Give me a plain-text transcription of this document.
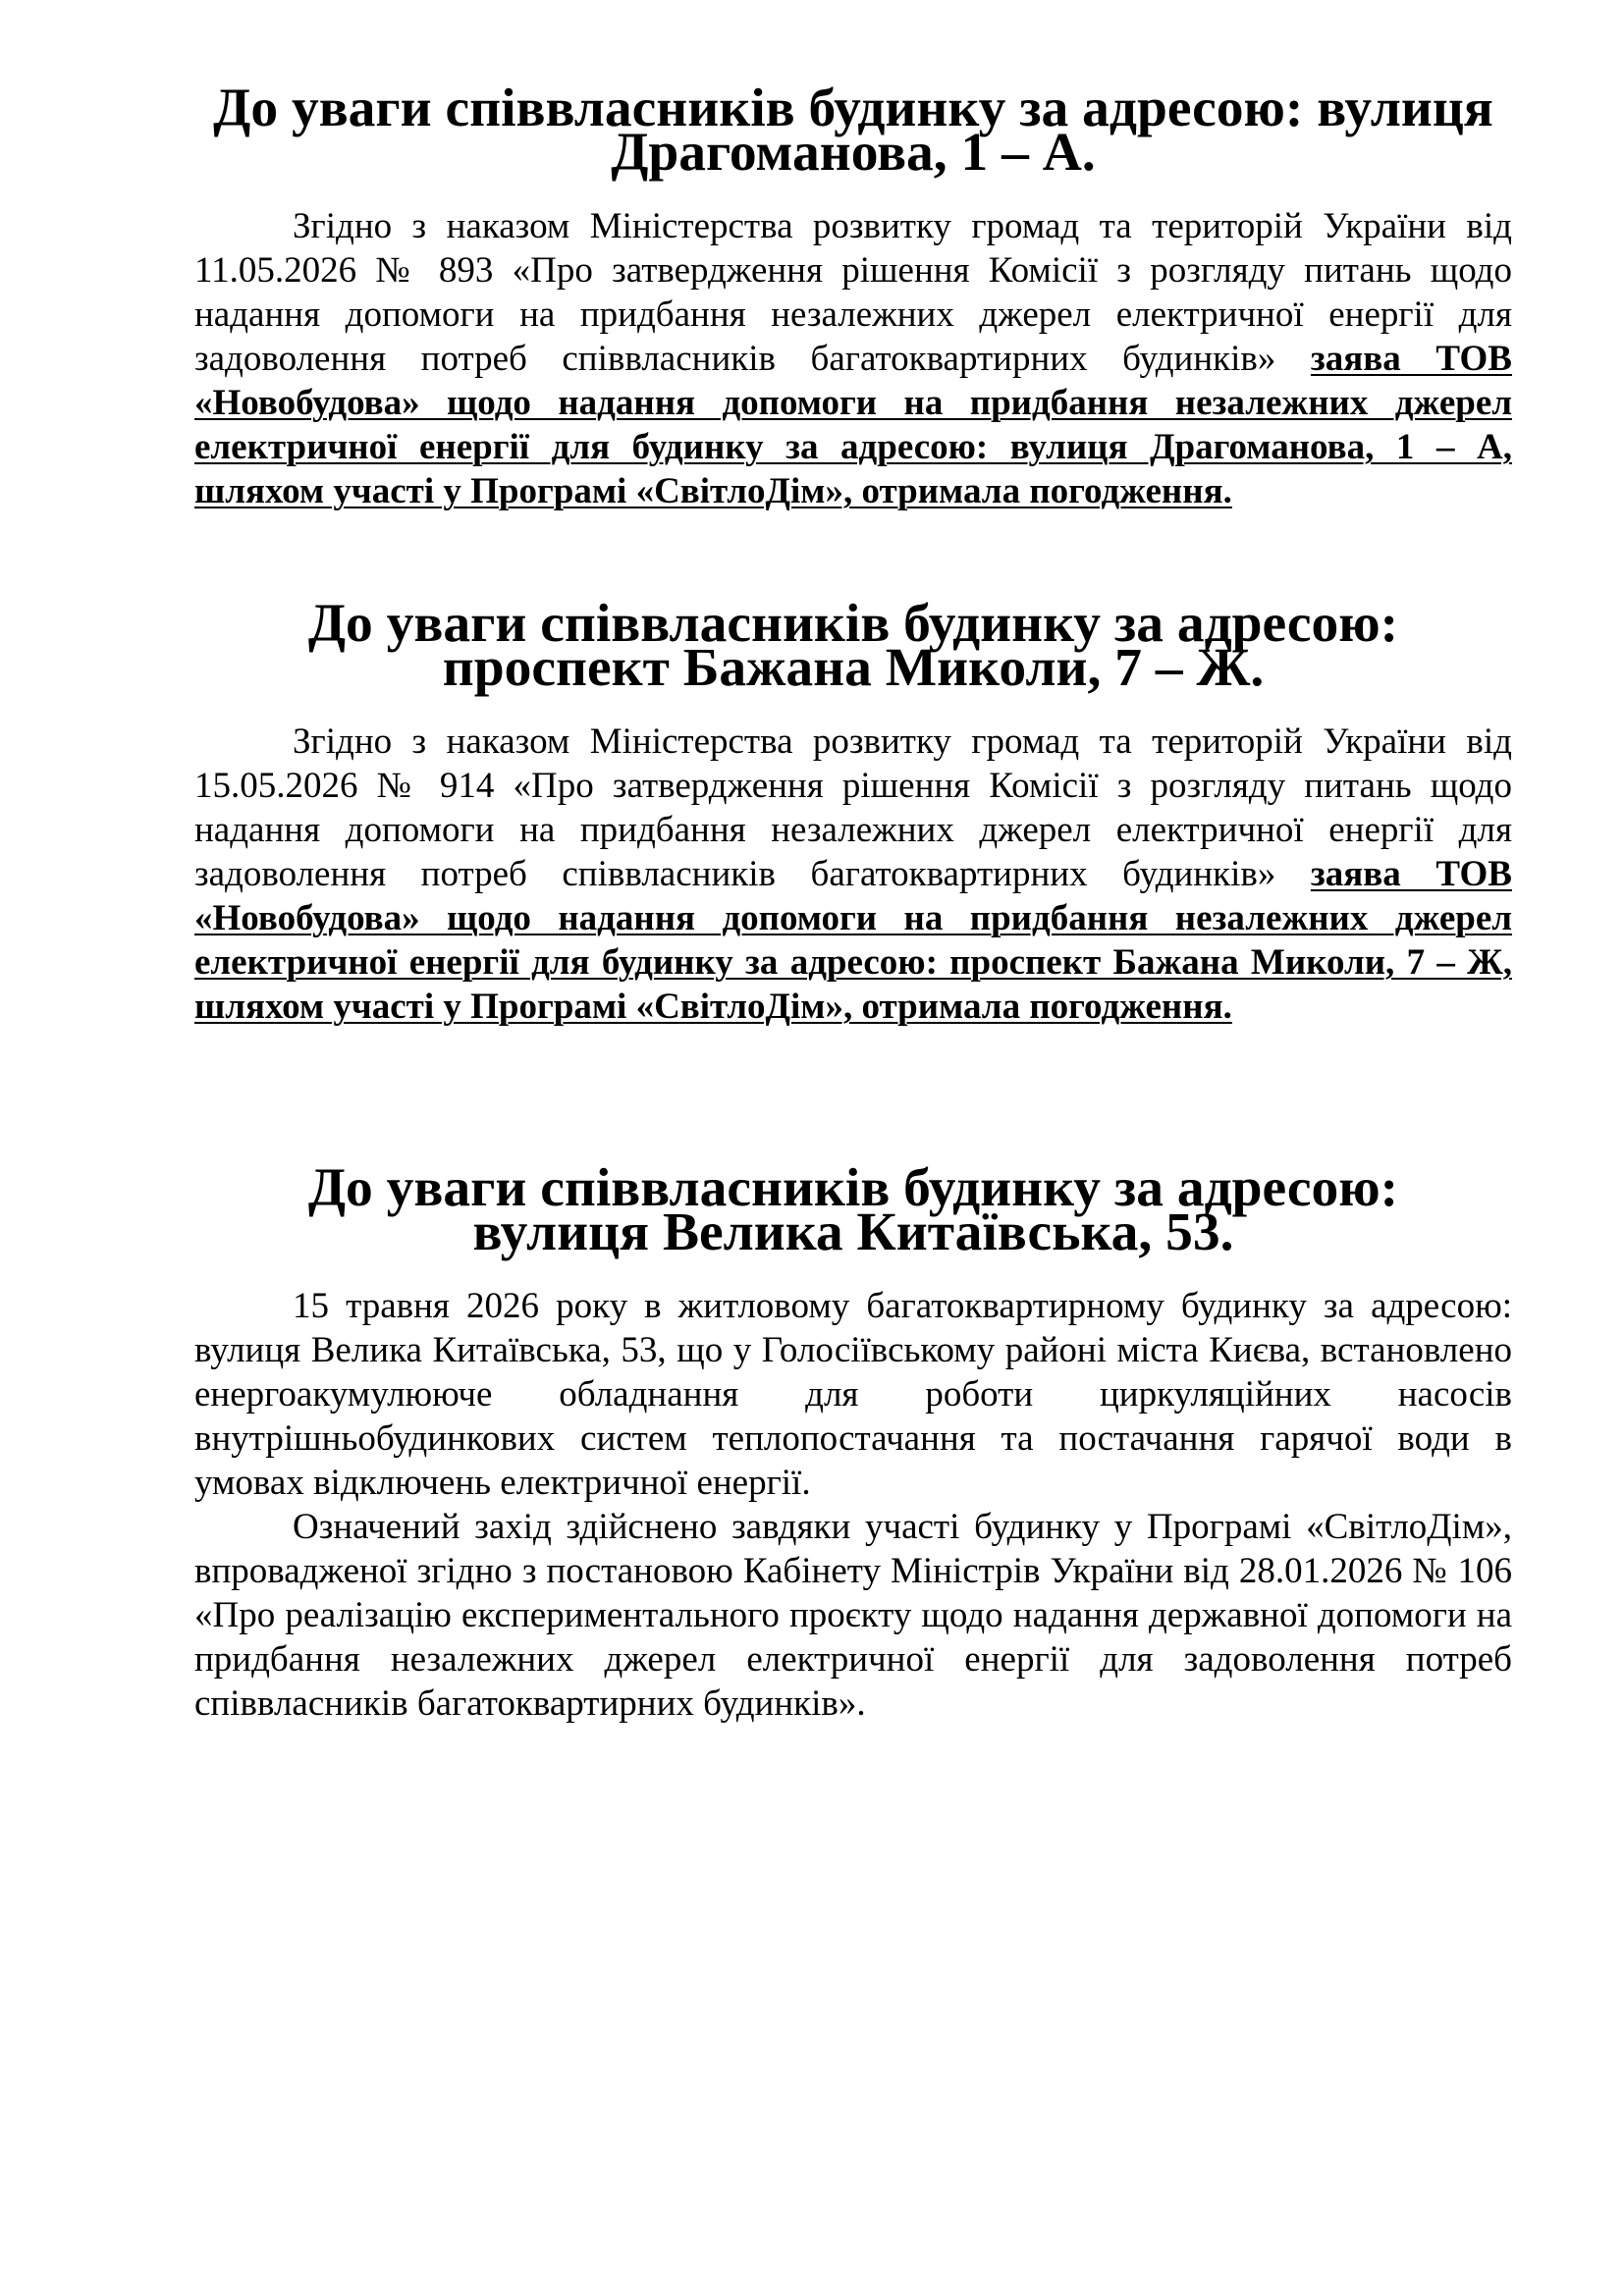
До уваги співвласників будинку за адресою: вулиця Драгоманова, 1 – А.

Згідно з наказом Міністерства розвитку громад та територій України від 11.05.2026 № 893 «Про затвердження рішення Комісії з розгляду питань щодо надання допомоги на придбання незалежних джерел електричної енергії для задоволення потреб співвласників багатоквартирних будинків» заява ТОВ «Новобудова» щодо надання допомоги на придбання незалежних джерел електричної енергії для будинку за адресою: вулиця Драгоманова, 1 – А, шляхом участі у Програмі «СвітлоДім», отримала погодження.

До уваги співвласників будинку за адресою:
проспект Бажана Миколи, 7 – Ж.

Згідно з наказом Міністерства розвитку громад та територій України від 15.05.2026 № 914 «Про затвердження рішення Комісії з розгляду питань щодо надання допомоги на придбання незалежних джерел електричної енергії для задоволення потреб співвласників багатоквартирних будинків» заява ТОВ «Новобудова» щодо надання допомоги на придбання незалежних джерел електричної енергії для будинку за адресою: проспект Бажана Миколи, 7 – Ж, шляхом участі у Програмі «СвітлоДім», отримала погодження.

До уваги співвласників будинку за адресою:
вулиця Велика Китаївська, 53.

15 травня 2026 року в житловому багатоквартирному будинку за адресою: вулиця Велика Китаївська, 53, що у Голосіївському районі міста Києва, встановлено енергоакумулююче обладнання для роботи циркуляційних насосів внутрішньобудинкових систем теплопостачання та постачання гарячої води в умовах відключень електричної енергії.

Означений захід здійснено завдяки участі будинку у Програмі «СвітлоДім», впровадженої згідно з постановою Кабінету Міністрів України від 28.01.2026 № 106 «Про реалізацію експериментального проєкту щодо надання державної допомоги на придбання незалежних джерел електричної енергії для задоволення потреб співвласників багатоквартирних будинків».
